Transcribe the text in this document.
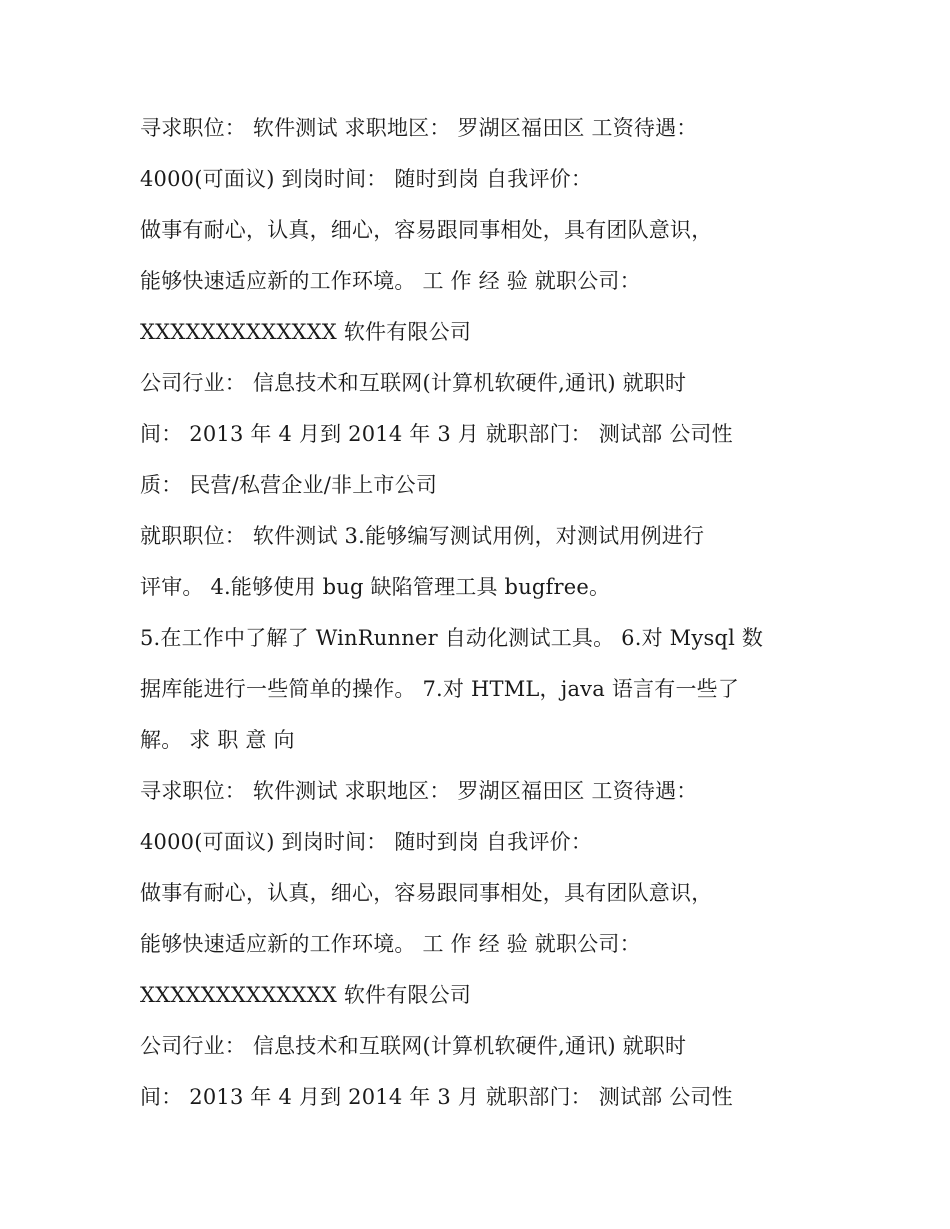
寻求职位： 软件测试 求职地区： 罗湖区福田区 工资待遇：
4000(可面议) 到岗时间： 随时到岗 自我评价：
做事有耐心，认真，细心，容易跟同事相处，具有团队意识，
能够快速适应新的工作环境。 工 作 经 验 就职公司：
XXXXXXXXXXXXX 软件有限公司
公司行业： 信息技术和互联网(计算机软硬件,通讯) 就职时
间： 2013 年 4 月到 2014 年 3 月 就职部门： 测试部 公司性
质： 民营/私营企业/非上市公司
就职职位： 软件测试 3.能够编写测试用例，对测试用例进行
评审。 4.能够使用 bug 缺陷管理工具 bugfree。
5.在工作中了解了 WinRunner 自动化测试工具。 6.对 Mysql 数
据库能进行一些简单的操作。 7.对 HTML，java 语言有一些了
解。 求 职 意 向
寻求职位： 软件测试 求职地区： 罗湖区福田区 工资待遇：
4000(可面议) 到岗时间： 随时到岗 自我评价：
做事有耐心，认真，细心，容易跟同事相处，具有团队意识，
能够快速适应新的工作环境。 工 作 经 验 就职公司：
XXXXXXXXXXXXX 软件有限公司
公司行业： 信息技术和互联网(计算机软硬件,通讯) 就职时
间： 2013 年 4 月到 2014 年 3 月 就职部门： 测试部 公司性
